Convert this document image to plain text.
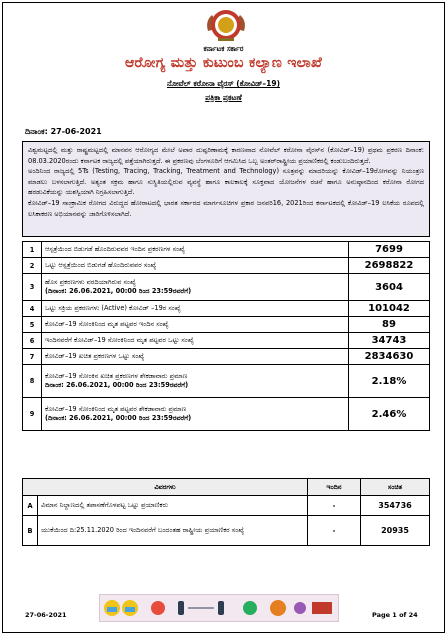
ಕರ್ನಾಟಕ ಸರ್ಕಾರ
ಆರೋಗ್ಯ ಮತ್ತು ಕುಟುಂಬ ಕಲ್ಯಾಣ ಇಲಾಖೆ
ನೋವೆಲ್ ಕರೋನಾ ವೈರಸ್ (ಕೋವಿಡ್–19)
ಪತ್ರಿಕಾ ಪ್ರಕಟಣೆ
ದಿನಾಂಕ: 27-06-2021

ವಿಶ್ವಮಟ್ಟದಲ್ಲಿ ಮತ್ತು ರಾಷ್ಟ್ರಮಟ್ಟದಲ್ಲಿ ಮಾನವನ ಆರೋಗ್ಯದ ಮೇಲೆ ಅಪಾರ ದುಷ್ಪರಿಣಾಮಕ್ಕೆ ಕಾರಣವಾದ ನೋವೆಲ್ ಕರೋನಾ ವೈರಸ್‌ನ (ಕೋವಿಡ್–19) ಪ್ರಥಮ ಪ್ರಕರಣ ದಿನಾಂಕ: 08.03.2020ರಂದು ಕರ್ನಾಟಕ ರಾಜ್ಯದಲ್ಲಿ ಪತ್ತೆಯಾಗಿರುತ್ತದೆ. ಈ ಪ್ರಕರಣವು ಬೆಂಗಳೂರಿಗೆ ಆಗಮಿಸಿದ ಒಬ್ಬ ಅಂತರ್‌ರಾಷ್ಟ್ರೀಯ ಪ್ರಯಾಣಿಕರಲ್ಲಿ ಕಂಡುಬಂದಿರುತ್ತದೆ.

ಅಂದಿನಿಂದ ರಾಜ್ಯದಲ್ಲಿ 5Ts (Testing, Tracing, Tracking, Treatment and Technology) ಸೂತ್ರವನ್ನು ಮಾದರಿಯನ್ನು ಕೋವಿಡ್–19ರೋಗವನ್ನು ನಿಯಂತ್ರಣ ಮಾಡಲು ಬಳಸಲಾಗುತ್ತಿದೆ. ಅತ್ಯಂತ ಸಕ್ರಮ ಹಾಗೂ ಸುಸ್ಥಿತಿಯಲ್ಲಿರುವ ವ್ಯವಸ್ಥೆ ಹಾಗೂ ಕಾಲಕಾಲಕ್ಕೆ ಸೂಕ್ತವಾದ ಯೋಜನೆಗಳ ರಚನೆ ಹಾಗೂ ಅನುಷ್ಠಾನದಿಂದ ಕರೋನಾ ರೋಗದ ಹರಡುವಿಕೆಯನ್ನು ಯಶಸ್ವಿಯಾಗಿ ನಿಗ್ರಹಿಸಲಾಗುತ್ತಿದೆ.

ಕೋವಿಡ್–19 ಸಾಂಕ್ರಾಮಿಕ ರೋಗದ ವಿರುದ್ಧದ ಹೋರಾಟದಲ್ಲಿ ಭಾರತ ಸರ್ಕಾರದ ಮಾರ್ಗಸೂಚಿಗಳ ಪ್ರಕಾರ ಜನವರಿ16, 2021ರಿಂದ ಕರ್ನಾಟಕದಲ್ಲಿ ಕೋವಿಡ್–19 ಲಸಿಕೆಯ ರೂಪದಲ್ಲಿ ಲಸಿಕಾಕರಣ ಅಭಿಯಾನವನ್ನು ಜಾರಿಗೊಳಿಸಲಾಗಿದೆ.

1	ಆಸ್ಪತ್ರೆಯಿಂದ ಬಿಡುಗಡೆ ಹೊಂದಿರುವವರ ಇಂದಿನ ಪ್ರಕರಣಗಳ ಸಂಖ್ಯೆ	7699
2	ಒಟ್ಟು ಆಸ್ಪತ್ರೆಯಿಂದ ಬಿಡುಗಡೆ ಹೊಂದಿರುವವರ ಸಂಖ್ಯೆ	2698822
3	ಹೊಸ ಪ್ರಕರಣಗಳು ವರದಿಯಾಗಿರುವ ಸಂಖ್ಯೆ
(ದಿನಾಂಕ: 26.06.2021, 00:00 ರಿಂದ 23:59ರವರೆಗೆ)	3604
4	ಒಟ್ಟು ಸಕ್ರಿಯ ಪ್ರಕರಣಗಳು (Active) ಕೋವಿಡ್ –19ರ ಸಂಖ್ಯೆ	101042
5	ಕೋವಿಡ್–19 ಸೋಂಕಿನಿಂದ ಮೃತ ಪಟ್ಟವರ ಇಂದಿನ ಸಂಖ್ಯೆ	89
6	ಇಂದಿನವರೆಗೆ ಕೋವಿಡ್–19 ಸೋಂಕಿನಿಂದ ಮೃತ ಪಟ್ಟವರ ಒಟ್ಟು ಸಂಖ್ಯೆ	34743
7	ಕೋವಿಡ್–19 ಖಚಿತ ಪ್ರಕರಣಗಳ ಒಟ್ಟು ಸಂಖ್ಯೆ	2834630
8	ಕೋವಿಡ್–19 ಸೋಂಕಿನ ಖಚಿತ ಪ್ರಕರಣಗಳ ಶೇಕಡಾವಾರು ಪ್ರಮಾಣ
ದಿನಾಂಕ: 26.06.2021, 00:00 ರಿಂದ 23:59ರವರೆಗೆ)	2.18%
9	ಕೋವಿಡ್–19 ಸೋಂಕಿನಿಂದ ಮೃತ ಪಟ್ಟವರ ಶೇಕಡಾವಾರು ಪ್ರಮಾಣ
(ದಿನಾಂಕ: 26.06.2021, 00:00 ರಿಂದ 23:59ರವರೆಗೆ)	2.46%
ವಿವರಗಳು		ಇಂದಿನ	ಸಂಚಿತ
A	ವಿಮಾನ ನಿಲ್ದಾಣದಲ್ಲಿ ತಪಾಸಣೆಗೊಳಪಟ್ಟ ಒಟ್ಟು ಪ್ರಯಾಣಿಕರು	-	354736
B	ಯುಕೆಯಿಂದ ದಿ:25.11.2020 ರಿಂದ ಇಂದಿನವರೆಗೆ ಬಂದಂತಹ ರಾಷ್ಟ್ರೀಯ ಪ್ರಯಾಣಿಕರ ಸಂಖ್ಯೆ	-	20935
27-06-2021	Page 1 of 24
